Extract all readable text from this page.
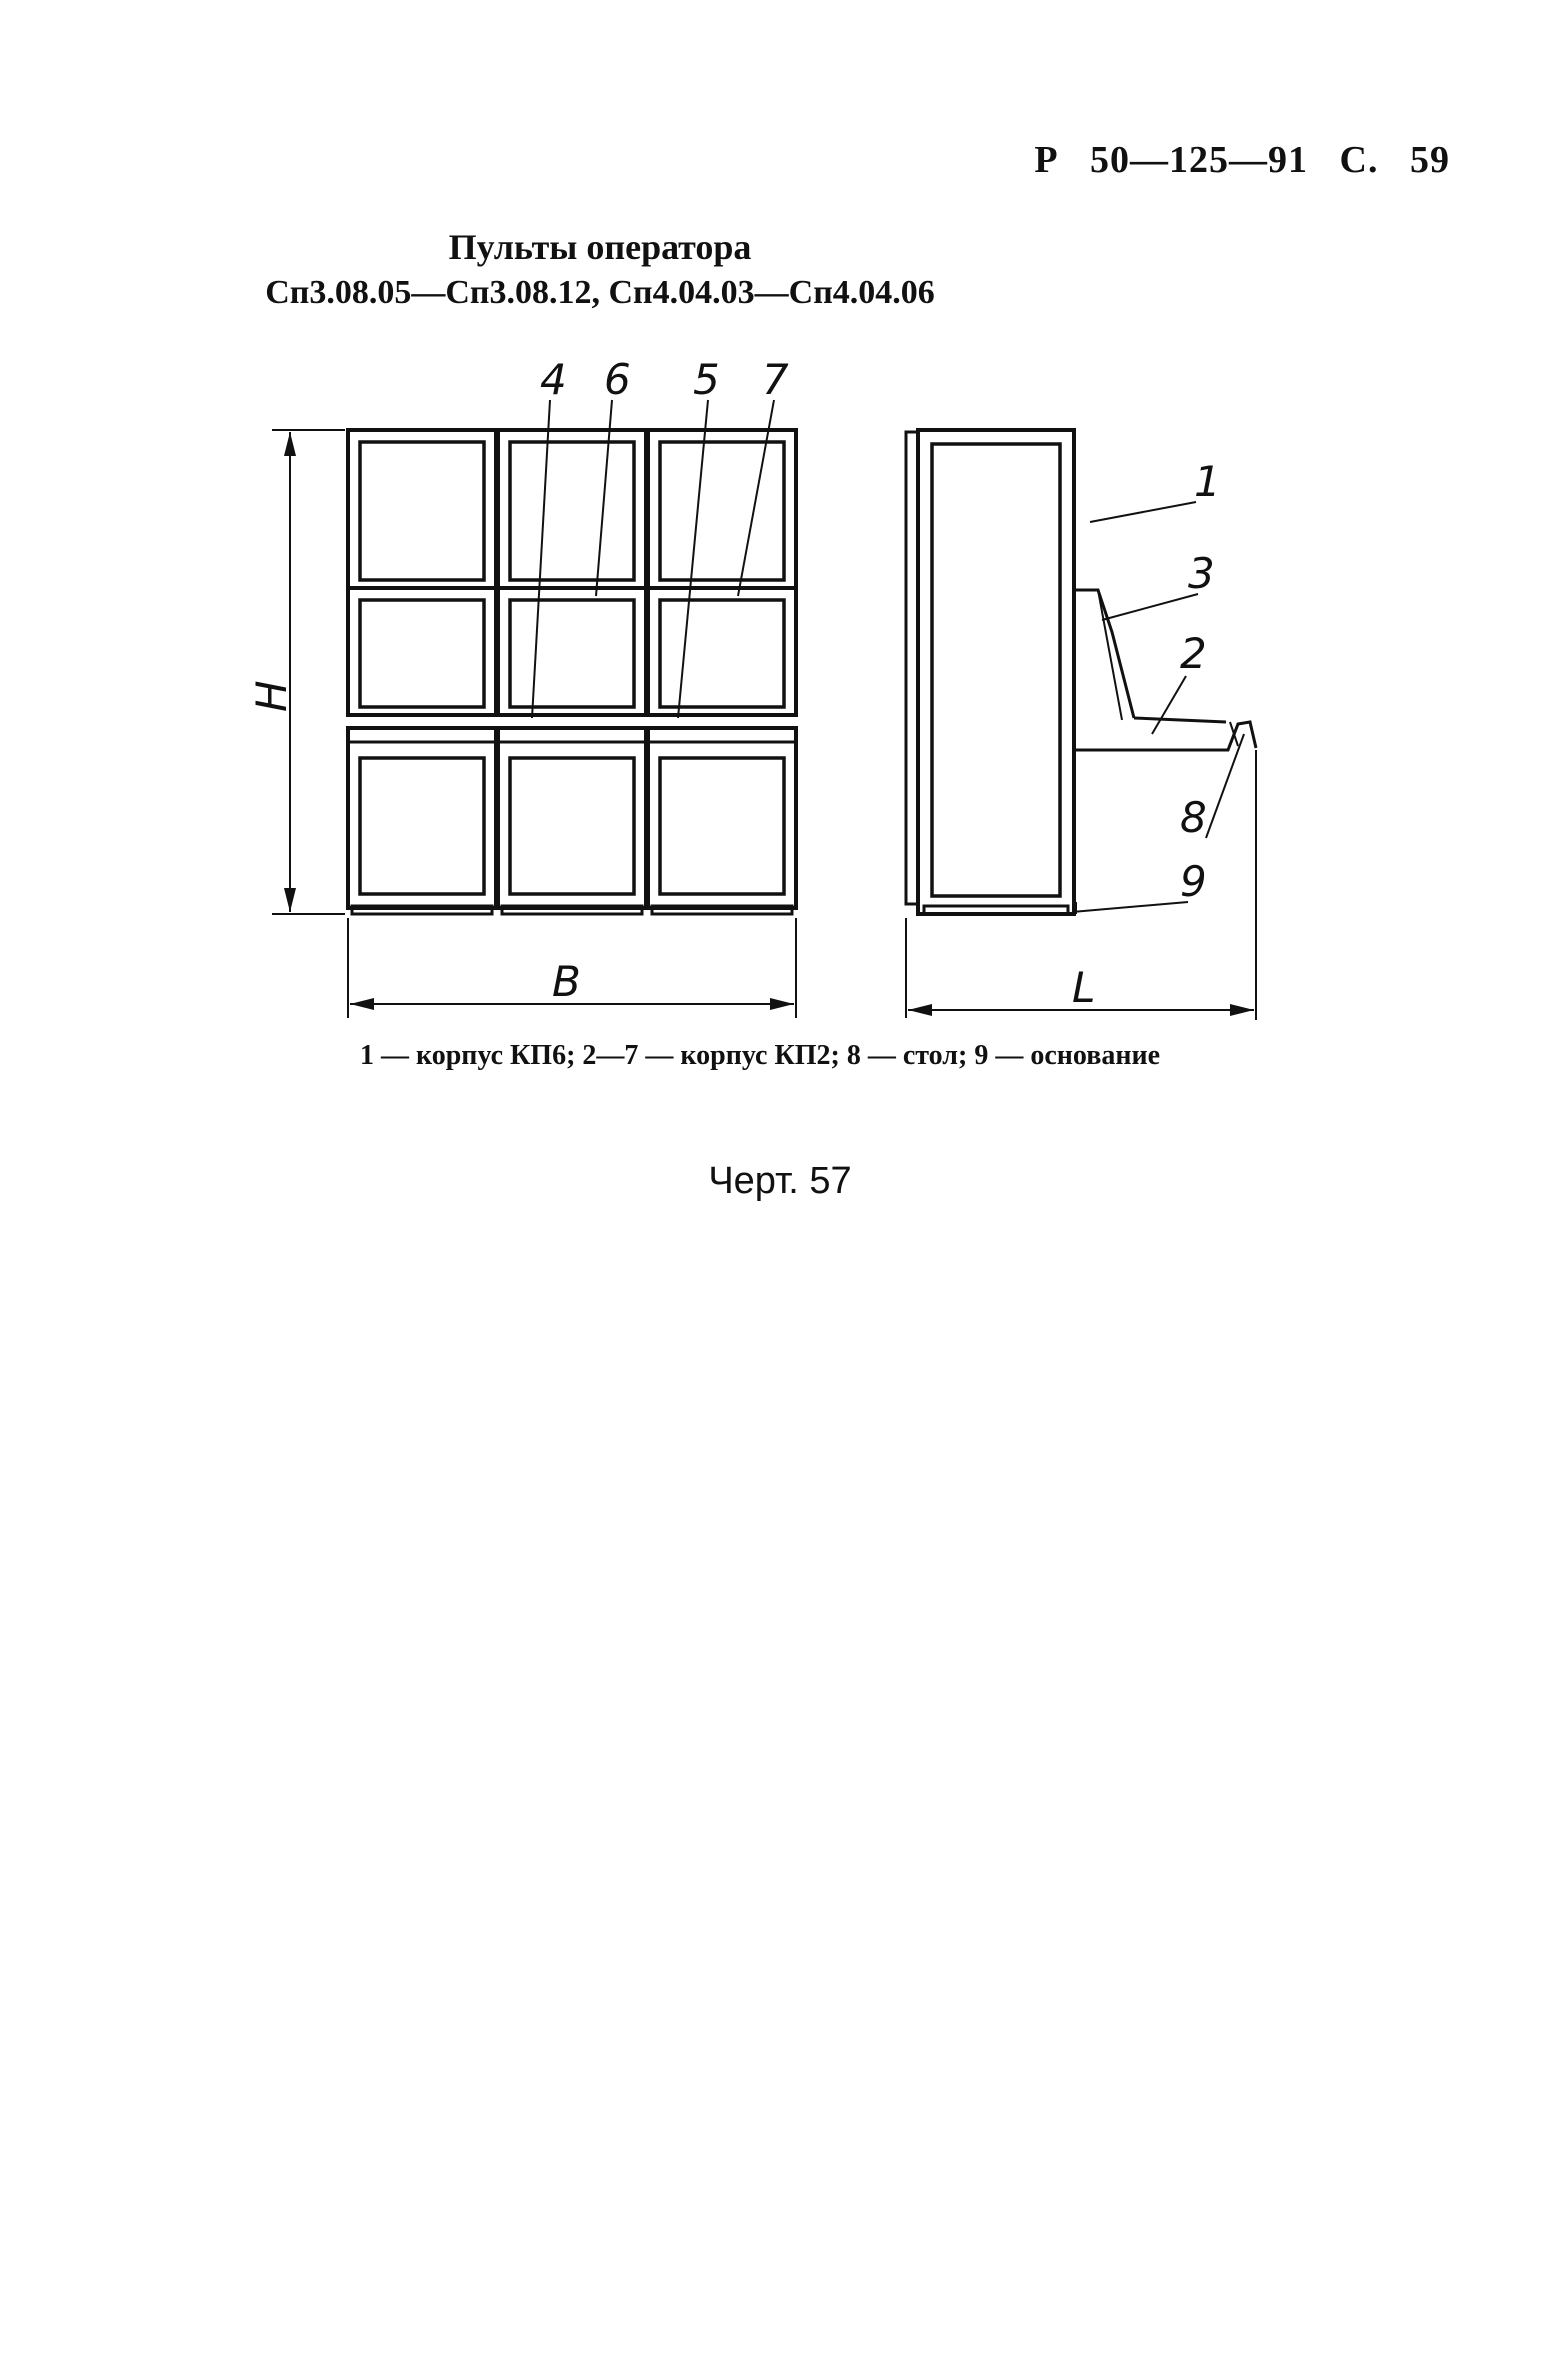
Р   50—125—91   С.   59
Пульты оператора
Сп3.08.05—Сп3.08.12, Сп4.04.03—Сп4.04.06
4 6 5 7
1
3
2
8
9
H
B	L
1 — корпус КП6; 2—7 — корпус КП2; 8 — стол; 9 — основание
Черт. 57
